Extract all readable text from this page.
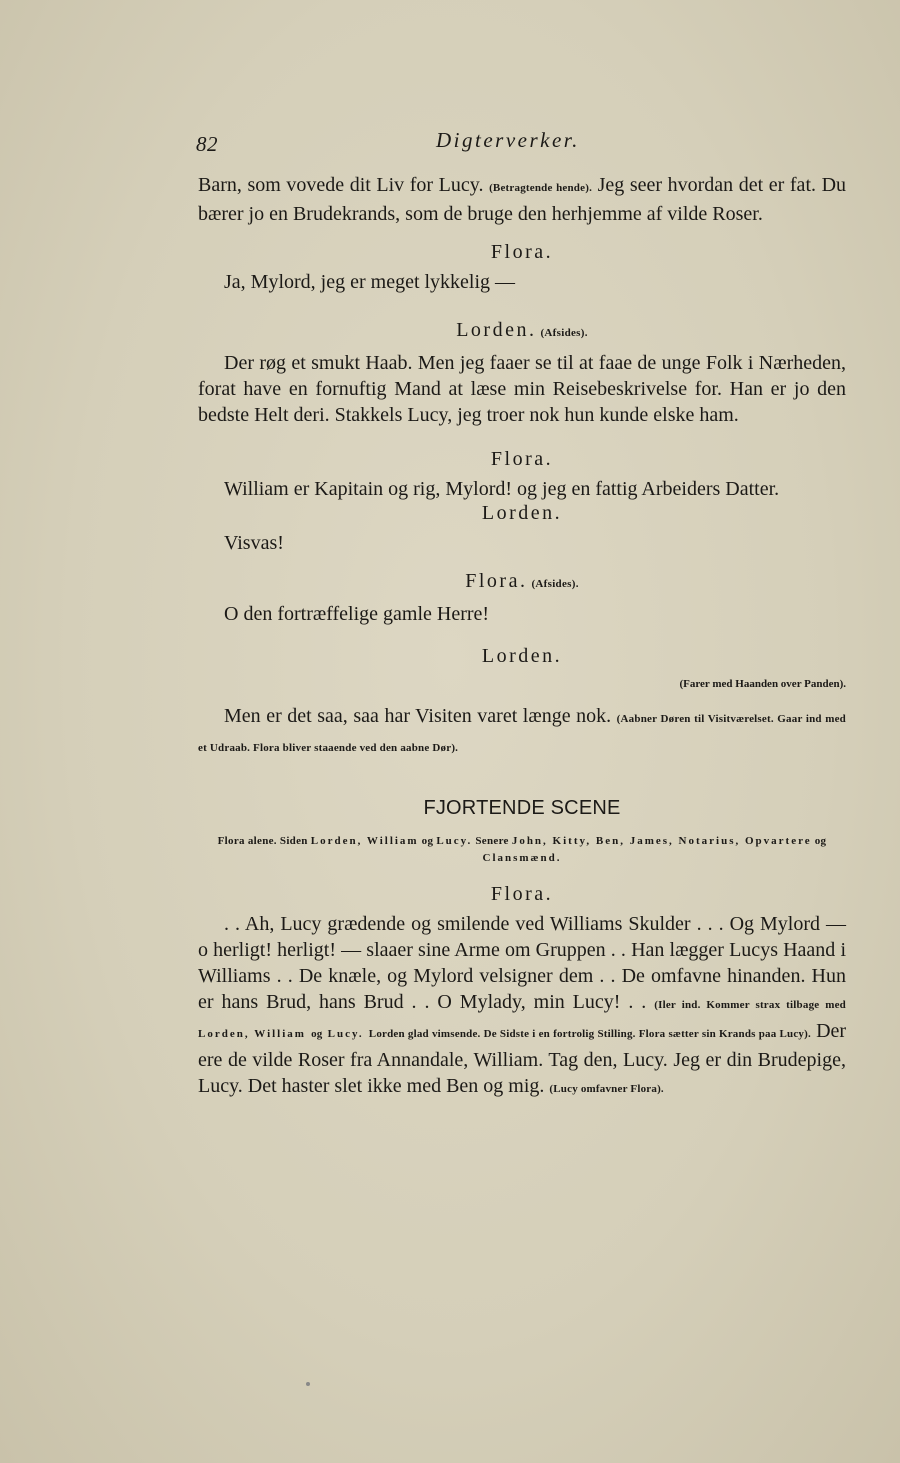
82	Digterverker.

Barn, som vovede dit Liv for Lucy. (Betragtende hende). Jeg seer hvordan det er fat. Du bærer jo en Brudekrands, som de bruge den herhjemme af vilde Roser.

Flora.

Ja, Mylord, jeg er meget lykkelig —

Lorden. (Afsides).

Der røg et smukt Haab. Men jeg faaer se til at faae de unge Folk i Nærheden, forat have en fornuftig Mand at læse min Reisebeskrivelse for. Han er jo den bedste Helt deri. Stakkels Lucy, jeg troer nok hun kunde elske ham.

Flora.

William er Kapitain og rig, Mylord! og jeg en fattig Arbeiders Datter.

Lorden.

Visvas!

Flora. (Afsides).

O den fortræffelige gamle Herre!

Lorden.
(Farer med Haanden over Panden).

Men er det saa, saa har Visiten varet længe nok. (Aabner Døren til Visitværelset. Gaar ind med et Udraab. Flora bliver staaende ved den aabne Dør).

FJORTENDE SCENE
Flora alene. Siden Lorden, William og Lucy. Senere John, Kitty, Ben, James, Notarius, Opvartere og Clansmænd.
Flora.

. . Ah, Lucy grædende og smilende ved Williams Skulder . . . Og Mylord — o herligt! herligt! — slaaer sine Arme om Gruppen . . Han lægger Lucys Haand i Williams . . De knæle, og Mylord velsigner dem . . De omfavne hinanden. Hun er hans Brud, hans Brud . . O Mylady, min Lucy! . . (Iler ind. Kommer strax tilbage med Lorden, William og Lucy. Lorden glad vimsende. De Sidste i en fortrolig Stilling. Flora sætter sin Krands paa Lucy). Der ere de vilde Roser fra Annandale, William. Tag den, Lucy. Jeg er din Brudepige, Lucy. Det haster slet ikke med Ben og mig. (Lucy omfavner Flora).
